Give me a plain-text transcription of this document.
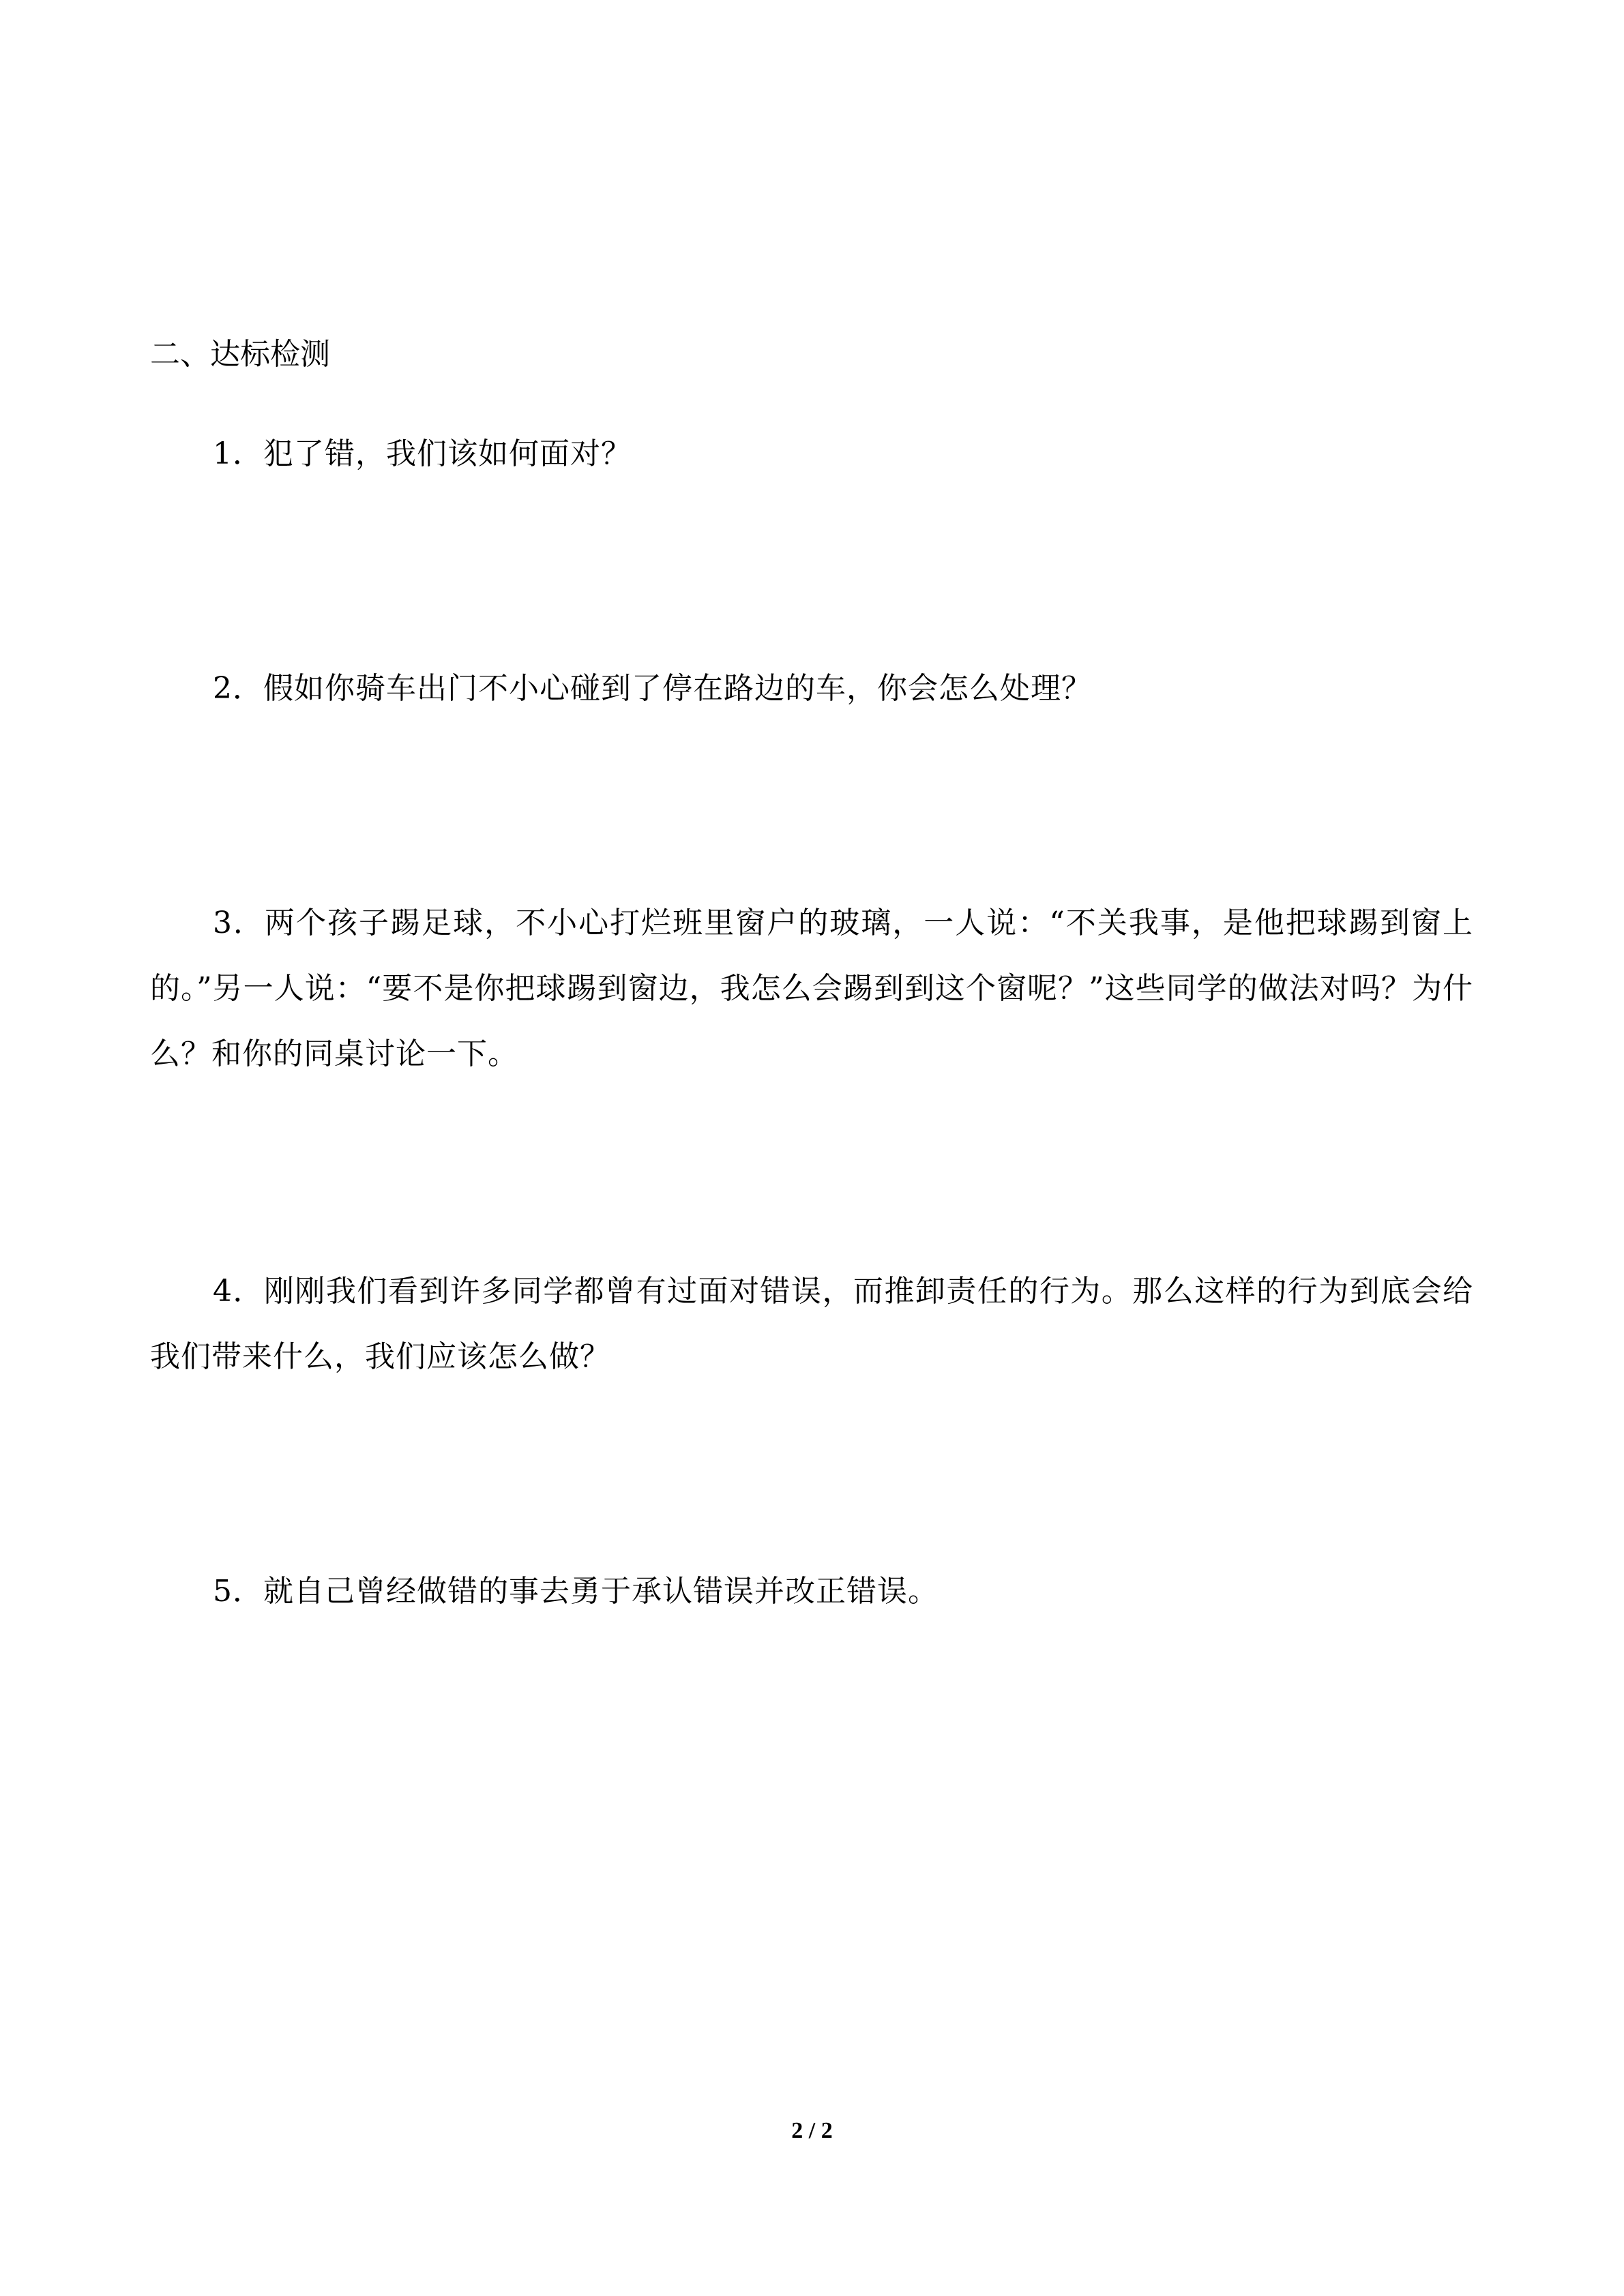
二、达标检测

1．犯了错，我们该如何面对？

2．假如你骑车出门不小心碰到了停在路边的车，你会怎么处理？

3．两个孩子踢足球，不小心打烂班里窗户的玻璃，一人说：“不关我事，是他把球踢到窗上的。”另一人说：“要不是你把球踢到窗边，我怎么会踢到到这个窗呢？”这些同学的做法对吗？为什么？和你的同桌讨论一下。

4．刚刚我们看到许多同学都曾有过面对错误，而推卸责任的行为。那么这样的行为到底会给我们带来什么，我们应该怎么做？

5．就自己曾经做错的事去勇于承认错误并改正错误。

2 / 2
